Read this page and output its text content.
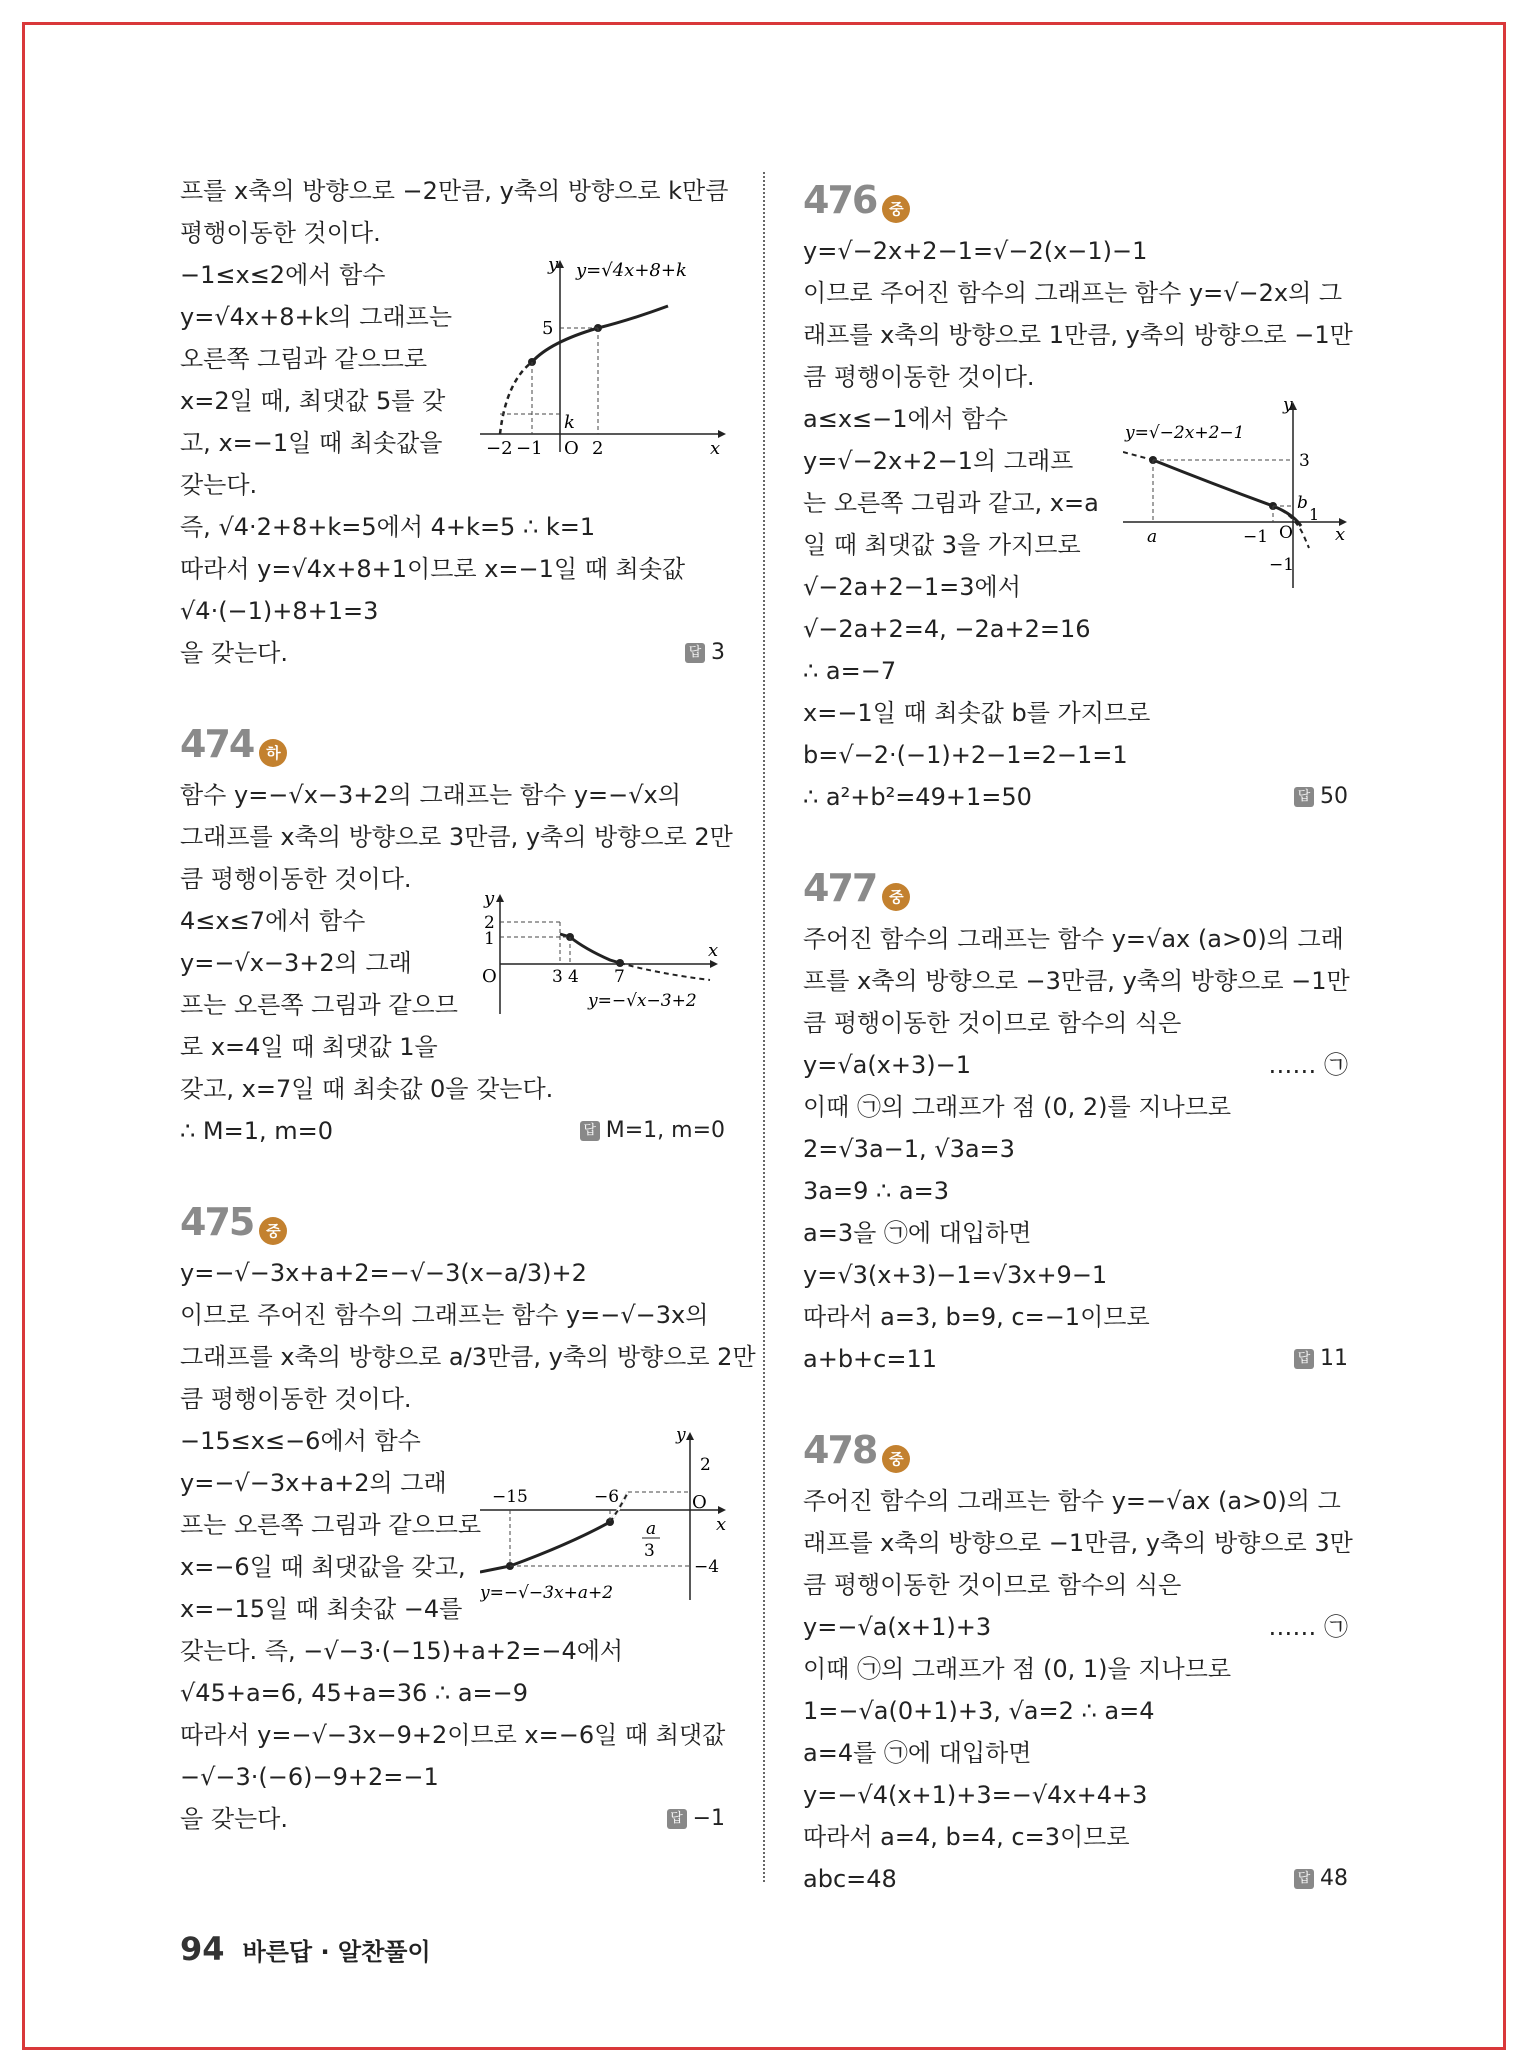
프를 x축의 방향으로 −2만큼, y축의 방향으로 k만큼
평행이동한 것이다.
−1≤x≤2에서 함수
y=√4x+8+k의 그래프는
오른쪽 그림과 같으므로
x=2일 때, 최댓값 5를 갖
고, x=−1일 때 최솟값을
갖는다.
즉, √4·2+8+k=5에서 4+k=5 ∴ k=1
따라서 y=√4x+8+1이므로 x=−1일 때 최솟값
√4·(−1)+8+1=3
을 갖는다.	답 3
y
x
y=√4x+8+k
5
k
−2 −1 O 2
474 하
함수 y=−√x−3+2의 그래프는 함수 y=−√x의
그래프를 x축의 방향으로 3만큼, y축의 방향으로 2만
큼 평행이동한 것이다.
4≤x≤7에서 함수
y=−√x−3+2의 그래
프는 오른쪽 그림과 같으므
로 x=4일 때 최댓값 1을
갖고, x=7일 때 최솟값 0을 갖는다.
∴ M=1, m=0	답 M=1, m=0
y
x
2
1
O	3 4 7
y=−√x−3+2
475 중
y=−√−3x+a+2=−√−3(x−a/3)+2
이므로 주어진 함수의 그래프는 함수 y=−√−3x의
그래프를 x축의 방향으로 a/3만큼, y축의 방향으로 2만
큼 평행이동한 것이다.
−15≤x≤−6에서 함수
y=−√−3x+a+2의 그래
프는 오른쪽 그림과 같으므로
x=−6일 때 최댓값을 갖고,
x=−15일 때 최솟값 −4를
갖는다. 즉, −√−3·(−15)+a+2=−4에서
√45+a=6, 45+a=36 ∴ a=−9
따라서 y=−√−3x−9+2이므로 x=−6일 때 최댓값
−√−3·(−6)−9+2=−1
을 갖는다.	답 −1
y
x
2
O
−15	−6
−4
a
3
y=−√−3x+a+2
476 중
y=√−2x+2−1=√−2(x−1)−1
이므로 주어진 함수의 그래프는 함수 y=√−2x의 그
래프를 x축의 방향으로 1만큼, y축의 방향으로 −1만
큼 평행이동한 것이다.
a≤x≤−1에서 함수
y=√−2x+2−1의 그래프
는 오른쪽 그림과 같고, x=a
일 때 최댓값 3을 가지므로
√−2a+2−1=3에서
√−2a+2=4, −2a+2=16
∴ a=−7
x=−1일 때 최솟값 b를 가지므로
b=√−2·(−1)+2−1=2−1=1
∴ a²+b²=49+1=50	답 50
y
x
y=√−2x+2−1
3
b
a	−1 O
1
−1
477 중
주어진 함수의 그래프는 함수 y=√ax (a>0)의 그래
프를 x축의 방향으로 −3만큼, y축의 방향으로 −1만
큼 평행이동한 것이므로 함수의 식은
y=√a(x+3)−1	…… ㉠
이때 ㉠의 그래프가 점 (0, 2)를 지나므로
2=√3a−1, √3a=3
3a=9 ∴ a=3
a=3을 ㉠에 대입하면
y=√3(x+3)−1=√3x+9−1
따라서 a=3, b=9, c=−1이므로
a+b+c=11	답 11
478 중
주어진 함수의 그래프는 함수 y=−√ax (a>0)의 그
래프를 x축의 방향으로 −1만큼, y축의 방향으로 3만
큼 평행이동한 것이므로 함수의 식은
y=−√a(x+1)+3	…… ㉠
이때 ㉠의 그래프가 점 (0, 1)을 지나므로
1=−√a(0+1)+3, √a=2 ∴ a=4
a=4를 ㉠에 대입하면
y=−√4(x+1)+3=−√4x+4+3
따라서 a=4, b=4, c=3이므로
abc=48	답 48
94 바른답 · 알찬풀이
